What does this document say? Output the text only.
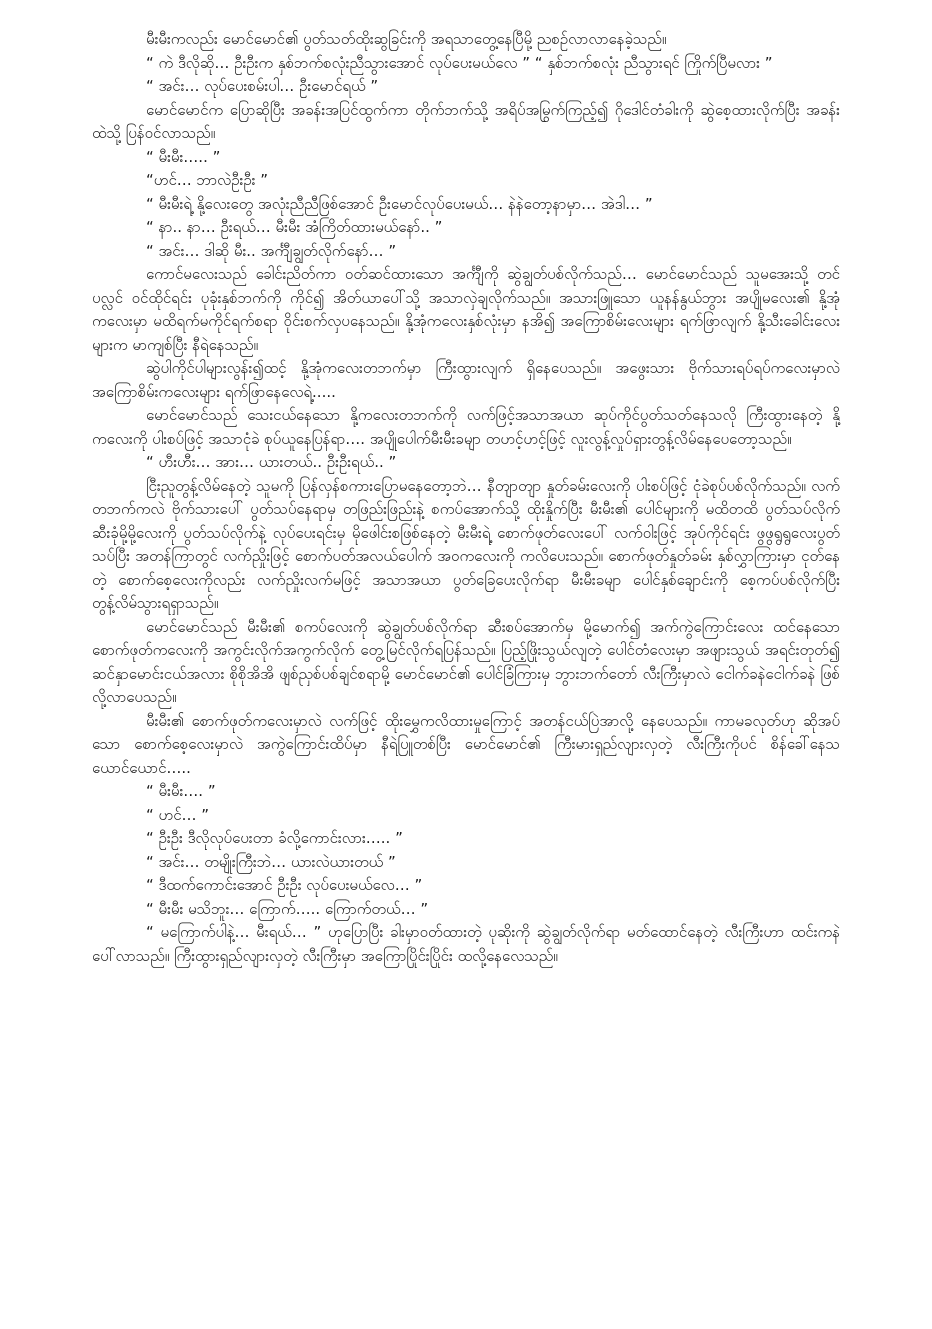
မီးမီးကလည်း မောင်မောင်၏ ပွတ်သတ်ထိုးဆွခြင်းကို အရသာတွေ့နေပြီမို့ ညစဉ်လာလာနေခဲ့သည်။

“ ကဲ ဒီလိုဆို… ဦးဦးက နှစ်ဘက်စလုံးညီသွားအောင် လုပ်ပေးမယ်လေ ” “ နှစ်ဘက်စလုံး ညီသွားရင် ကြိုက်ပြီမလား ”

“ အင်း… လုပ်ပေးစမ်းပါ… ဦးမောင်ရယ် ”

မောင်မောင်က ပြောဆိုပြီး အခန်းအပြင်ထွက်ကာ တိုက်ဘက်သို့ အရိပ်အမြွက်ကြည့်၍ ဂိုဒေါင်တံခါးကို ဆွဲစေ့ထားလိုက်ပြီး အခန်းထဲသို့ ပြန်ဝင်လာသည်။

“ မီးမီး….. ”

“ဟင်… ဘာလဲဦးဦး ”

“ မီးမီးရဲ့ နို့လေးတွေ အလုံးညီညီဖြစ်အောင် ဦးမောင်လုပ်ပေးမယ်… နဲနဲတော့နာမှာ… အဲဒါ… ”

“ နာ.. နာ… ဦးရယ်… မီးမီး အံကြိတ်ထားမယ်နော်.. ”

“ အင်း… ဒါဆို မီး.. အင်္ကျီချွတ်လိုက်နော်… ”

ကောင်မလေးသည် ခေါင်းညိတ်ကာ ဝတ်ဆင်ထားသော အင်္ကျီကို ဆွဲချွတ်ပစ်လိုက်သည်… မောင်မောင်သည် သူမအေးသို့ တင်ပလ္လင် ဝင်ထိုင်ရင်း ပုခုံးနှစ်ဘက်ကို ကိုင်၍ အိတ်ယာပေါ်သို့ အသာလှဲချလိုက်သည်။ အသားဖြူသော ယူနန်နွယ်ဘွား အပျိုမလေး၏ နို့အုံကလေးမှာ မထိရက်မကိုင်ရက်စရာ ဝိုင်းစက်လှပနေသည်။ နို့အုံကလေးနှစ်လုံးမှာ နအိ၍ အကြောစိမ်းလေးများ ရက်ဖြာလျက် နို့သီးခေါင်းလေးများက မာကျစ်ပြီး နီရဲနေသည်။

ဆွဲပါကိုင်ပါများလွန်း၍ထင့် နို့အုံကလေးတဘက်မှာ ကြီးထွားလျက် ရှိနေပေသည်။ အဖွေးသား ဗိုက်သားရပ်ရပ်ကလေးမှာလဲ အကြောစိမ်းကလေးများ ရက်ဖြာနေလေရဲ့.....

မောင်မောင်သည် သေးငယ်နေသော နို့ကလေးတဘက်ကို လက်ဖြင့်အသာအယာ ဆုပ်ကိုင်ပွတ်သတ်နေသလို ကြီးထွားနေတဲ့ နို့ကလေးကို ပါးစပ်ဖြင့် အသာငုံခဲ စုပ်ယူနေပြန်ရာ…. အပျိုပေါက်မီးမီးခမျာ တဟင့်ဟင့်ဖြင့် လူးလွန့်လှုပ်ရှားတွန့်လိမ်နေပေတော့သည်။

“ ဟီးဟီး… အား… ယားတယ်.. ဦးဦးရယ်.. ”

ငြီးညူတွန့်လိမ်နေတဲ့ သူမကို ပြန်လှန်စကားပြောမနေတော့ဘဲ… နီတျာတျာ နှုတ်ခမ်းလေးကို ပါးစပ်ဖြင့် ငုံခဲစုပ်ပစ်လိုက်သည်။ လက်တဘက်ကလဲ ဗိုက်သားပေါ် ပွတ်သပ်နေရာမှ တဖြည်းဖြည်းနဲ့ စကပ်အောက်သို့ ထိုးနှိုက်ပြီး မီးမီး၏ ပေါင်များကို မထိတထိ ပွတ်သပ်လိုက် ဆီးခုံမို့မို့လေးကို ပွတ်သပ်လိုက်နဲ့ လုပ်ပေးရင်းမှ မိုဖေါင်းစဖြစ်နေတဲ့ မီးမီးရဲ့ စောက်ဖုတ်လေးပေါ် လက်ဝါးဖြင့် အုပ်ကိုင်ရင်း ဖွဖွရွရွလေးပွတ်သပ်ပြီး အတန်ကြာတွင် လက်ညှိုးဖြင့် စောက်ပတ်အလယ်ပေါက် အဝကလေးကို ကလိပေးသည်။ စောက်ဖုတ်နှုတ်ခမ်း နှစ်လွှာကြားမှာ ငုတ်နေတဲ့ စောက်စေ့လေးကိုလည်း လက်ညှိုးလက်မဖြင့် အသာအယာ ပွတ်ခြေပေးလိုက်ရာ မီးမီးခမျာ ပေါင်နှစ်ချောင်းကို စေ့ကပ်ပစ်လိုက်ပြီး တွန့်လိမ်သွားရရှာသည်။

မောင်မောင်သည် မီးမီး၏ စကပ်လေးကို ဆွဲချွတ်ပစ်လိုက်ရာ ဆီးစပ်အောက်မှ မို့မောက်၍ အက်ကွဲကြောင်းလေး ထင်နေသော စောက်ဖုတ်ကလေးကို အကွင်းလိုက်အကွက်လိုက် တွေ့မြင်လိုက်ရပြန်သည်။ ပြည့်ဖြိုးသွယ်လျတဲ့ ပေါင်တံလေးမှာ အဖျားသွယ် အရင်းတုတ်၍ ဆင်နှာမောင်းငယ်အလား စိုစိုအိအိ ဖျစ်ညှစ်ပစ်ချင်စရာမို့ မောင်မောင်၏ ပေါင်ခြံကြားမှ ဘွားဘက်တော် လီးကြီးမှာလဲ ငေါက်ခနဲငေါက်ခနဲ ဖြစ်လို့လာပေသည်။

မီးမီး၏ စောက်ဖုတ်ကလေးမှာလဲ လက်ဖြင့် ထိုးမွှေကလိထားမှုကြောင့် အတန်ငယ်ပြဲအာလို့ နေပေသည်။ ကာမခလုတ်ဟု ဆိုအပ်သော စောက်စေ့လေးမှာလဲ အကွဲကြောင်းထိပ်မှာ နီရဲပြူတစ်ပြီး မောင်မောင်၏ ကြီးမားရှည်လျားလှတဲ့ လီးကြီးကိုပင် စိန်ခေါ်နေသယောင်ယောင်…..

“ မီးမီး…. ”

“ ဟင်… ”

“ ဦးဦး ဒီလိုလုပ်ပေးတာ ခံလို့ကောင်းလား….. ”

“ အင်း… တမျိုးကြီးဘဲ… ယားလဲယားတယ် ”

“ ဒီထက်ကောင်းအောင် ဦးဦး လုပ်ပေးမယ်လေ… ”

“ မီးမီး မသိဘူး… ကြောက်….. ကြောက်တယ်… ”

“ မကြောက်ပါနဲ့… မီးရယ်… ” ဟုပြောပြီး ခါးမှာဝတ်ထားတဲ့ ပုဆိုးကို ဆွဲချွတ်လိုက်ရာ မတ်ထောင်နေတဲ့ လီးကြီးဟာ ထင်းကနဲပေါ်လာသည်။ ကြီးထွားရှည်လျားလှတဲ့ လီးကြီးမှာ အကြောပြိုင်းပြိုင်း ထလို့နေလေသည်။
